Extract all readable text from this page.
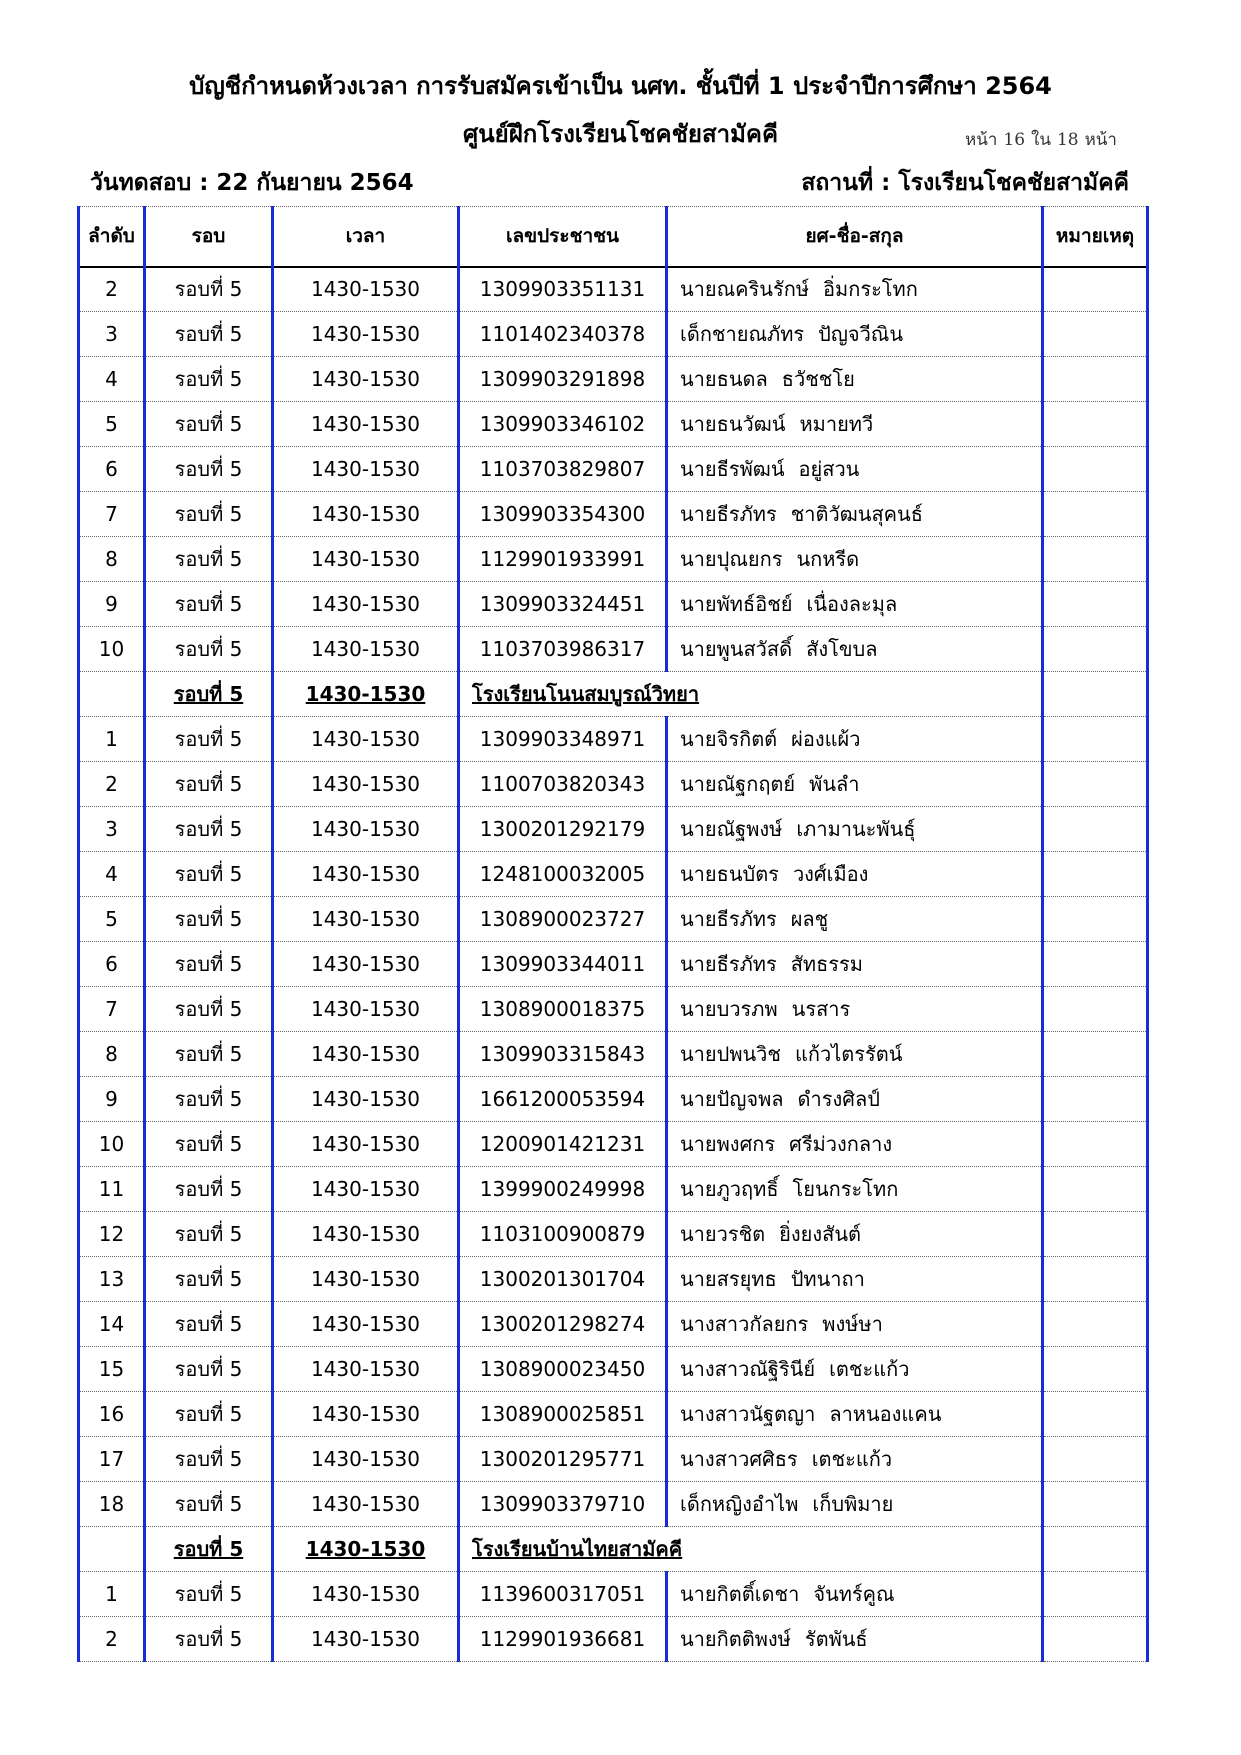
บัญชีกำหนดห้วงเวลา การรับสมัครเข้าเป็น นศท. ชั้นปีที่ 1 ประจำปีการศึกษา 2564
ศูนย์ฝึกโรงเรียนโชคชัยสามัคคี	หน้า 16 ใน 18 หน้า
วันทดสอบ : 22 กันยายน 2564	สถานที่ : โรงเรียนโชคชัยสามัคคี
ลำดับ	รอบ	เวลา	เลขประชาชน	ยศ-ชื่อ-สกุล	หมายเหตุ
2	รอบที่ 5	1430-1530	1309903351131	นายณครินรักษ์ อิ่มกระโทก	
3	รอบที่ 5	1430-1530	1101402340378	เด็กชายณภัทร ปัญจวีณิน	
4	รอบที่ 5	1430-1530	1309903291898	นายธนดล ธวัชชโย	
5	รอบที่ 5	1430-1530	1309903346102	นายธนวัฒน์ หมายทวี	
6	รอบที่ 5	1430-1530	1103703829807	นายธีรพัฒน์ อยู่สวน	
7	รอบที่ 5	1430-1530	1309903354300	นายธีรภัทร ชาติวัฒนสุคนธ์	
8	รอบที่ 5	1430-1530	1129901933991	นายปุณยกร นกหรีด	
9	รอบที่ 5	1430-1530	1309903324451	นายพัทธ์อิชย์ เนื่องละมุล	
10	รอบที่ 5	1430-1530	1103703986317	นายพูนสวัสดิ์ สังโขบล	
	รอบที่ 5	1430-1530	โรงเรียนโนนสมบูรณ์วิทยา		
1	รอบที่ 5	1430-1530	1309903348971	นายจิรกิตต์ ผ่องแผ้ว	
2	รอบที่ 5	1430-1530	1100703820343	นายณัฐกฤตย์ พันลำ	
3	รอบที่ 5	1430-1530	1300201292179	นายณัฐพงษ์ เภามานะพันธุ์	
4	รอบที่ 5	1430-1530	1248100032005	นายธนบัตร วงศ์เมือง	
5	รอบที่ 5	1430-1530	1308900023727	นายธีรภัทร ผลชู	
6	รอบที่ 5	1430-1530	1309903344011	นายธีรภัทร สัทธรรม	
7	รอบที่ 5	1430-1530	1308900018375	นายบวรภพ นรสาร	
8	รอบที่ 5	1430-1530	1309903315843	นายปพนวิช แก้วไตรรัตน์	
9	รอบที่ 5	1430-1530	1661200053594	นายปัญจพล ดำรงศิลป์	
10	รอบที่ 5	1430-1530	1200901421231	นายพงศกร ศรีม่วงกลาง	
11	รอบที่ 5	1430-1530	1399900249998	นายภูวฤทธิ์ โยนกระโทก	
12	รอบที่ 5	1430-1530	1103100900879	นายวรชิต ยิ่งยงสันต์	
13	รอบที่ 5	1430-1530	1300201301704	นายสรยุทธ ปัทนาถา	
14	รอบที่ 5	1430-1530	1300201298274	นางสาวกัลยกร พงษ์ษา	
15	รอบที่ 5	1430-1530	1308900023450	นางสาวณัฐิรินีย์ เตชะแก้ว	
16	รอบที่ 5	1430-1530	1308900025851	นางสาวนัฐตญา ลาหนองแคน	
17	รอบที่ 5	1430-1530	1300201295771	นางสาวศศิธร เตชะแก้ว	
18	รอบที่ 5	1430-1530	1309903379710	เด็กหญิงอำไพ เก็บพิมาย	
	รอบที่ 5	1430-1530	โรงเรียนบ้านไทยสามัคคี		
1	รอบที่ 5	1430-1530	1139600317051	นายกิตติ์เดชา จันทร์คูณ	
2	รอบที่ 5	1430-1530	1129901936681	นายกิตติพงษ์ รัตพันธ์	
